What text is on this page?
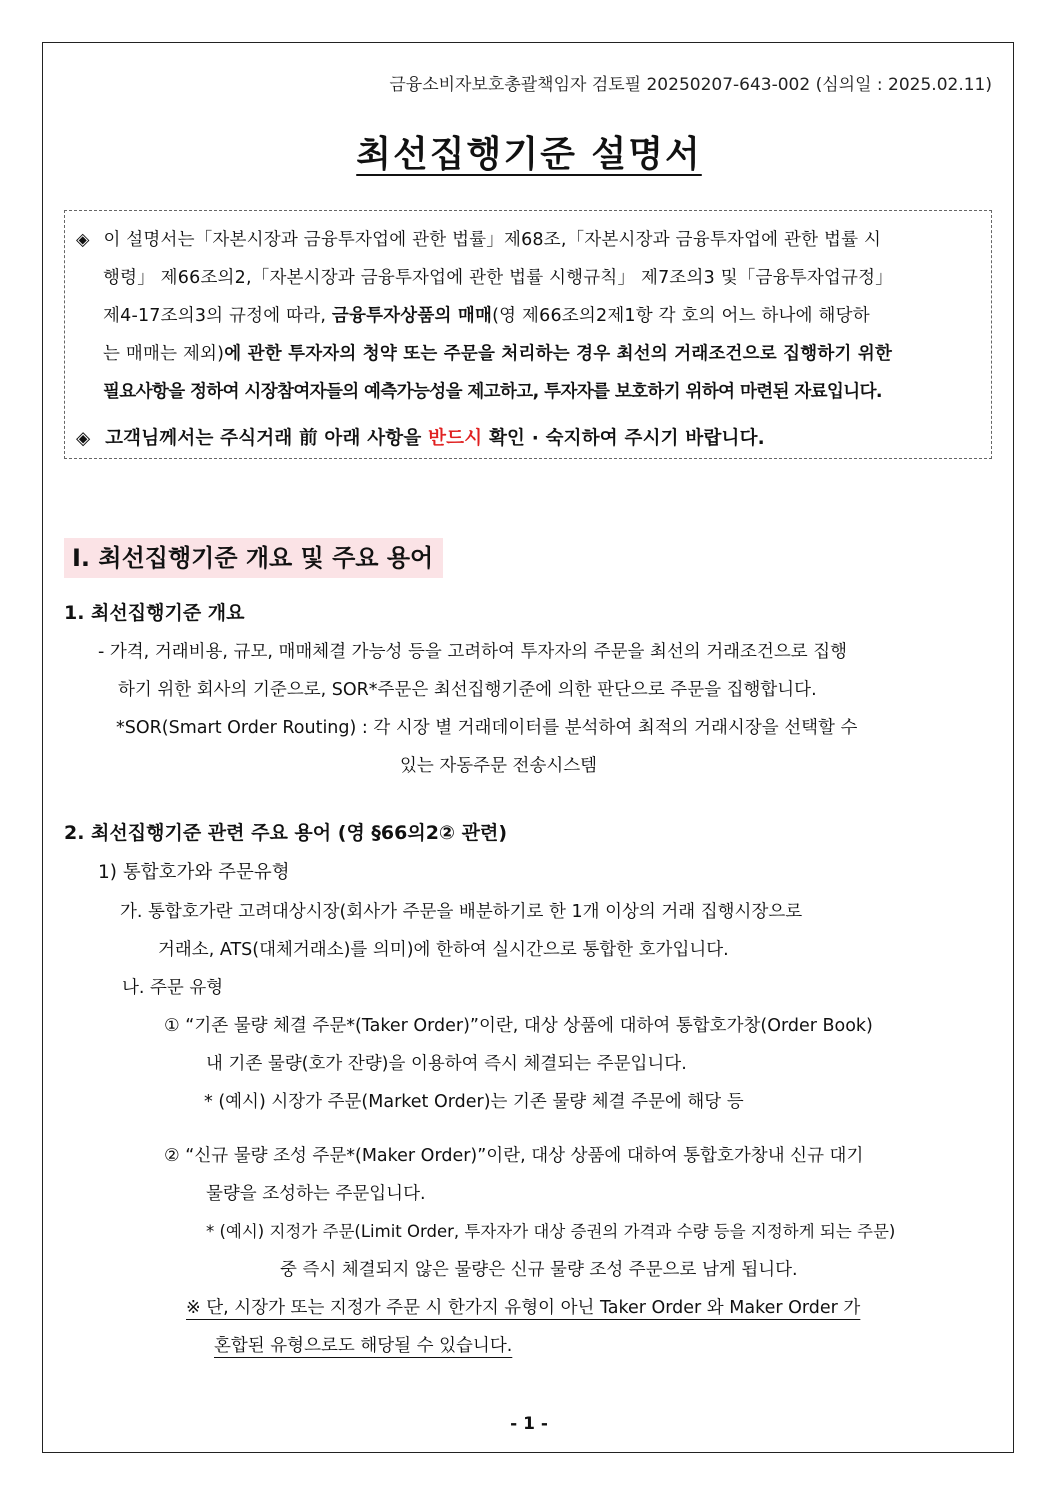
금융소비자보호총괄책임자 검토필 20250207-643-002 (심의일 : 2025.02.11)
최선집행기준 설명서
◈ 이 설명서는「자본시장과 금융투자업에 관한 법률」제68조,「자본시장과 금융투자업에 관한 법률 시
행령」 제66조의2,「자본시장과 금융투자업에 관한 법률 시행규칙」 제7조의3 및「금융투자업규정」
제4-17조의3의 규정에 따라, 금융투자상품의 매매(영 제66조의2제1항 각 호의 어느 하나에 해당하
는 매매는 제외)에 관한 투자자의 청약 또는 주문을 처리하는 경우 최선의 거래조건으로 집행하기 위한
필요사항을 정하여 시장참여자들의 예측가능성을 제고하고, 투자자를 보호하기 위하여 마련된 자료입니다.
◈ 고객님께서는 주식거래 前 아래 사항을 반드시 확인 · 숙지하여 주시기 바랍니다.
Ⅰ. 최선집행기준 개요 및 주요 용어
1. 최선집행기준 개요
- 가격, 거래비용, 규모, 매매체결 가능성 등을 고려하여 투자자의 주문을 최선의 거래조건으로 집행
하기 위한 회사의 기준으로, SOR*주문은 최선집행기준에 의한 판단으로 주문을 집행합니다.
*SOR(Smart Order Routing) : 각 시장 별 거래데이터를 분석하여 최적의 거래시장을 선택할 수
있는 자동주문 전송시스템
2. 최선집행기준 관련 주요 용어 (영 §66의2② 관련)
1) 통합호가와 주문유형
가. 통합호가란 고려대상시장(회사가 주문을 배분하기로 한 1개 이상의 거래 집행시장으로
거래소, ATS(대체거래소)를 의미)에 한하여 실시간으로 통합한 호가입니다.
나. 주문 유형
① “기존 물량 체결 주문*(Taker Order)”이란, 대상 상품에 대하여 통합호가창(Order Book)
내 기존 물량(호가 잔량)을 이용하여 즉시 체결되는 주문입니다.
* (예시) 시장가 주문(Market Order)는 기존 물량 체결 주문에 해당 등
② “신규 물량 조성 주문*(Maker Order)”이란, 대상 상품에 대하여 통합호가창내 신규 대기
물량을 조성하는 주문입니다.
* (예시) 지정가 주문(Limit Order, 투자자가 대상 증권의 가격과 수량 등을 지정하게 되는 주문)
중 즉시 체결되지 않은 물량은 신규 물량 조성 주문으로 남게 됩니다.
※ 단, 시장가 또는 지정가 주문 시 한가지 유형이 아닌 Taker Order 와 Maker Order 가
혼합된 유형으로도 해당될 수 있습니다.
- 1 -
